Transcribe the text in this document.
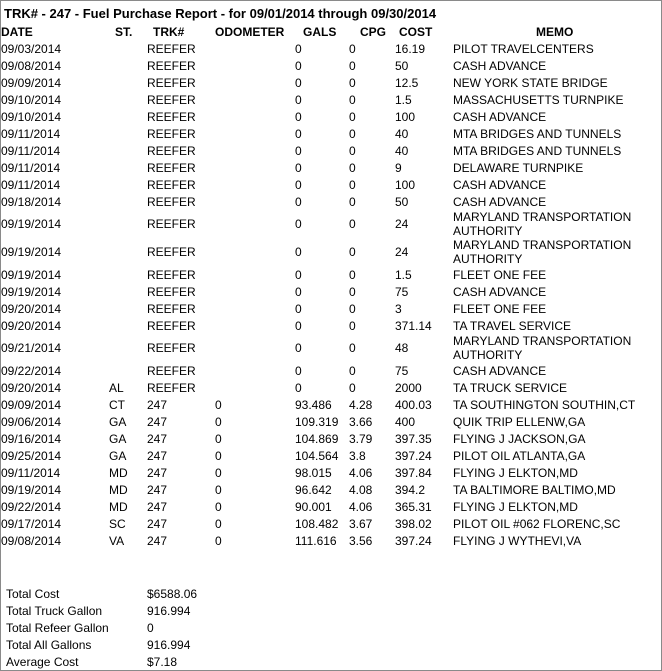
TRK# - 247 - Fuel Purchase Report - for 09/01/2014 through 09/30/2014
DATE	ST.	TRK#	ODOMETER	GALS	CPG	COST	MEMO
09/03/2014		REEFER		0	0	16.19	PILOT TRAVELCENTERS
09/08/2014		REEFER		0	0	50	CASH ADVANCE
09/09/2014		REEFER		0	0	12.5	NEW YORK STATE BRIDGE
09/10/2014		REEFER		0	0	1.5	MASSACHUSETTS TURNPIKE
09/10/2014		REEFER		0	0	100	CASH ADVANCE
09/11/2014		REEFER		0	0	40	MTA BRIDGES AND TUNNELS
09/11/2014		REEFER		0	0	40	MTA BRIDGES AND TUNNELS
09/11/2014		REEFER		0	0	9	DELAWARE TURNPIKE
09/11/2014		REEFER		0	0	100	CASH ADVANCE
09/18/2014		REEFER		0	0	50	CASH ADVANCE
09/19/2014		REEFER		0	0	24	MARYLAND TRANSPORTATION AUTHORITY
09/19/2014		REEFER		0	0	24	MARYLAND TRANSPORTATION AUTHORITY
09/19/2014		REEFER		0	0	1.5	FLEET ONE FEE
09/19/2014		REEFER		0	0	75	CASH ADVANCE
09/20/2014		REEFER		0	0	3	FLEET ONE FEE
09/20/2014		REEFER		0	0	371.14	TA TRAVEL SERVICE
09/21/2014		REEFER		0	0	48	MARYLAND TRANSPORTATION AUTHORITY
09/22/2014		REEFER		0	0	75	CASH ADVANCE
09/20/2014	AL	REEFER		0	0	2000	TA TRUCK SERVICE
09/09/2014	CT	247	0	93.486	4.28	400.03	TA SOUTHINGTON SOUTHIN,CT
09/06/2014	GA	247	0	109.319	3.66	400	QUIK TRIP ELLENW,GA
09/16/2014	GA	247	0	104.869	3.79	397.35	FLYING J JACKSON,GA
09/25/2014	GA	247	0	104.564	3.8	397.24	PILOT OIL ATLANTA,GA
09/11/2014	MD	247	0	98.015	4.06	397.84	FLYING J ELKTON,MD
09/19/2014	MD	247	0	96.642	4.08	394.2	TA BALTIMORE BALTIMO,MD
09/22/2014	MD	247	0	90.001	4.06	365.31	FLYING J ELKTON,MD
09/17/2014	SC	247	0	108.482	3.67	398.02	PILOT OIL #062 FLORENC,SC
09/08/2014	VA	247	0	111.616	3.56	397.24	FLYING J WYTHEVI,VA
Total Cost	$6588.06
Total Truck Gallon	916.994
Total Refeer Gallon	0
Total All Gallons	916.994
Average Cost	$7.18
